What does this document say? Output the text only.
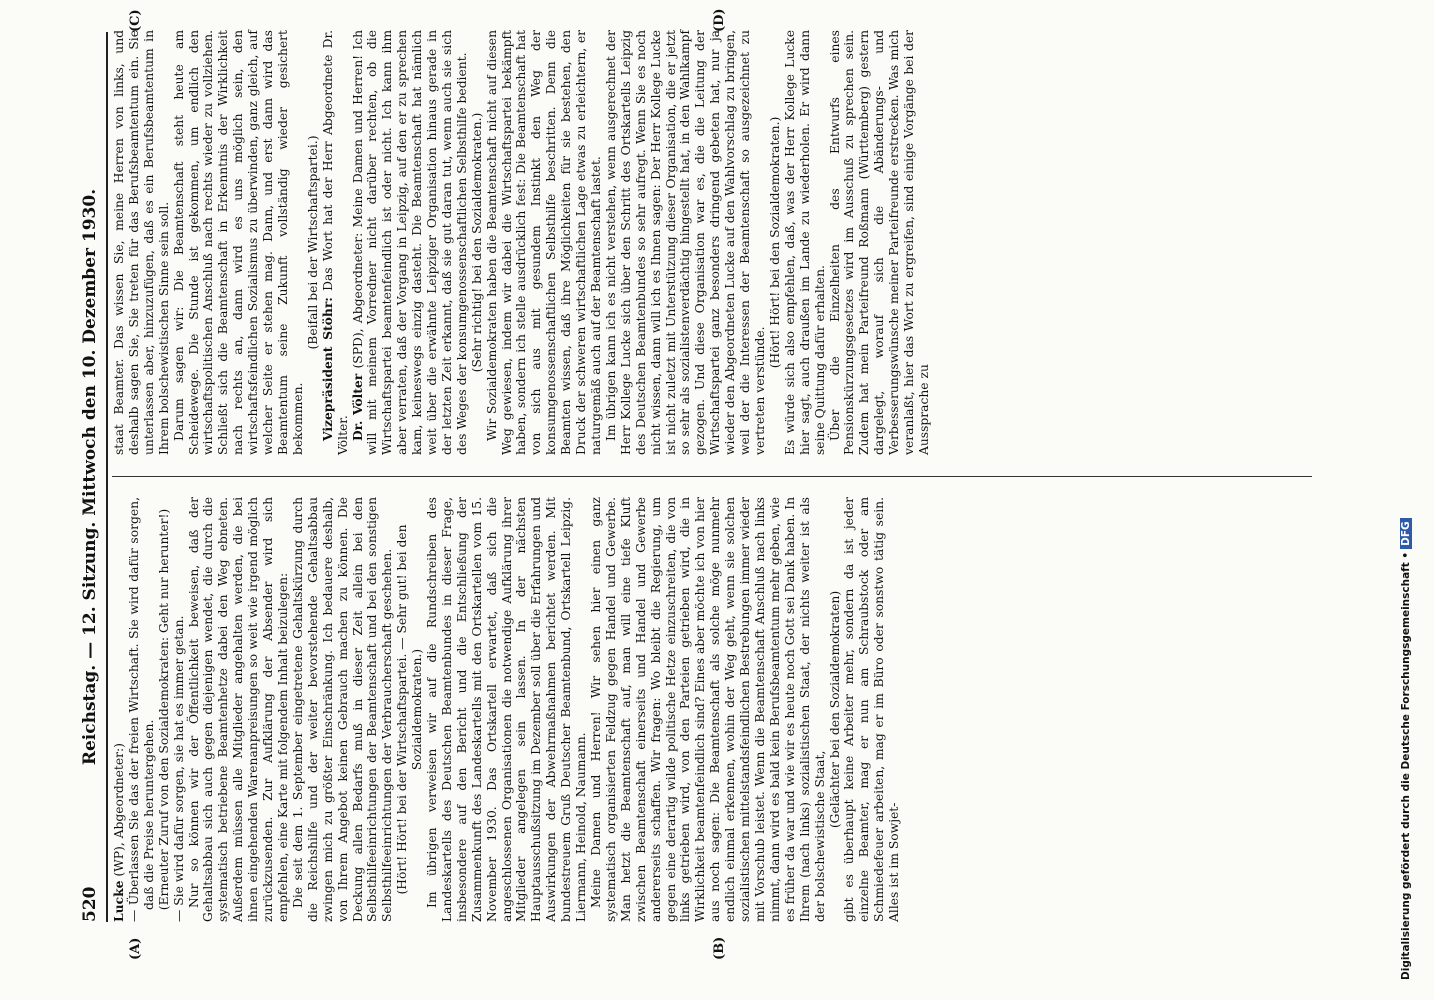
520
Reichstag. — 12. Sitzung. Mittwoch den 10. Dezember 1930.
(A)	(B)
(C)	(D)

Lucke (WP), Abgeordneter:) — Überlassen Sie das der freien Wirtschaft. Sie wird dafür sorgen, daß die Preise heruntergehen. (Erneuter Zuruf von den Sozialdemokraten: Geht nur herunter!) — Sie wird dafür sorgen, sie hat es immer getan. Nur so können wir der Öffentlichkeit beweisen, daß der Gehaltsabbau sich auch gegen diejenigen wendet, die durch die systematisch betriebene Beamtenhetze dabei den Weg ebneten. Außerdem müssen alle Mitglieder angehalten werden, die bei ihnen eingehenden Warenanpreisungen so weit wie irgend möglich zurückzusenden. Zur Aufklärung der Absender wird sich empfehlen, eine Karte mit folgendem Inhalt beizulegen: Die seit dem 1. September eingetretene Gehaltskürzung durch die Reichshilfe und der weiter bevorstehende Gehaltsabbau zwingen mich zu größter Einschränkung. Ich bedauere deshalb, von Ihrem Angebot keinen Gebrauch machen zu können. Die Deckung allen Bedarfs muß in dieser Zeit allein bei den Selbsthilfeeinrichtungen der Beamtenschaft und bei den sonstigen Selbsthilfeeinrichtungen der Verbraucherschaft geschehen. (Hört! Hört! bei der Wirtschaftspartei. — Sehr gut! bei den Sozialdemokraten.) Im übrigen verweisen wir auf die Rundschreiben des Landeskartells des Deutschen Beamtenbundes in dieser Frage, insbesondere auf den Bericht und die Entschließung der Zusammenkunft des Landeskartells mit den Ortskartellen vom 15. November 1930. Das Ortskartell erwartet, daß sich die angeschlossenen Organisationen die notwendige Aufklärung ihrer Mitglieder angelegen sein lassen. In der nächsten Hauptausschußsitzung im Dezember soll über die Erfahrungen und Auswirkungen der Abwehrmaßnahmen berichtet werden. Mit bundestreuem Gruß Deutscher Beamtenbund, Ortskartell Leipzig. Liermann, Heinold, Naumann. Meine Damen und Herren! Wir sehen hier einen ganz systematisch organisierten Feldzug gegen Handel und Gewerbe. Man hetzt die Beamtenschaft auf, man will eine tiefe Kluft zwischen Beamtenschaft einerseits und Handel und Gewerbe andererseits schaffen. Wir fragen: Wo bleibt die Regierung, um gegen eine derartig wilde politische Hetze einzuschreiten, die von links getrieben wird, von den Parteien getrieben wird, die in Wirklichkeit beamtenfeindlich sind? Eines aber möchte ich von hier aus noch sagen: Die Beamtenschaft als solche möge nunmehr endlich einmal erkennen, wohin der Weg geht, wenn sie solchen sozialistischen mittelstandsfeindlichen Bestrebungen immer wieder mit Vorschub leistet. Wenn die Beamtenschaft Anschluß nach links nimmt, dann wird es bald kein Berufsbeamtentum mehr geben, wie es früher da war und wie wir es heute noch Gott sei Dank haben. In Ihrem (nach links) sozialistischen Staat, der nichts weiter ist als der bolschewistische Staat,

(Gelächter bei den Sozialdemokraten) gibt es überhaupt keine Arbeiter mehr, sondern da ist jeder einzelne Beamter, mag er nun am Schraubstock oder am Schmiedefeuer arbeiten, mag er im Büro oder sonstwo tätig sein. Alles ist im Sowjet-

staat Beamter. Das wissen Sie, meine Herren von links, und deshalb sagen Sie, Sie treten für das Berufsbeamtentum ein. Sie unterlassen aber, hinzuzufügen, daß es ein Berufsbeamtentum in Ihrem bolschewistischen Sinne sein soll. Darum sagen wir: Die Beamtenschaft steht heute am Scheidewege. Die Stunde ist gekommen, um endlich den wirtschaftspolitischen Anschluß nach rechts wieder zu vollziehen. Schließt sich die Beamtenschaft in Erkenntnis der Wirklichkeit nach rechts an, dann wird es uns möglich sein, den wirtschaftsfeindlichen Sozialismus zu überwinden, ganz gleich, auf welcher Seite er stehen mag. Dann, und erst dann wird das Beamtentum seine Zukunft vollständig wieder gesichert bekommen.

(Beifall bei der Wirtschaftspartei.)

Vizepräsident Stöhr: Das Wort hat der Herr Abgeordnete Dr. Völter. Dr. Völter (SPD), Abgeordneter: Meine Damen und Herren! Ich will mit meinem Vorredner nicht darüber rechten, ob die Wirtschaftspartei beamtenfeindlich ist oder nicht. Ich kann ihm aber verraten, daß der Vorgang in Leipzig, auf den er zu sprechen kam, keineswegs einzig dasteht. Die Beamtenschaft hat nämlich weit über die erwähnte Leipziger Organisation hinaus gerade in der letzten Zeit erkannt, daß sie gut daran tut, wenn auch sie sich des Weges der konsumgenossenschaftlichen Selbsthilfe bedient. (Sehr richtig! bei den Sozialdemokraten.) Wir Sozialdemokraten haben die Beamtenschaft nicht auf diesen Weg gewiesen, indem wir dabei die Wirtschaftspartei bekämpft haben, sondern ich stelle ausdrücklich fest: Die Beamtenschaft hat von sich aus mit gesundem Instinkt den Weg der konsumgenossenschaftlichen Selbsthilfe beschritten. Denn die Beamten wissen, daß ihre Möglichkeiten für sie bestehen, den Druck der schweren wirtschaftlichen Lage etwas zu erleichtern, er naturgemäß auch auf der Beamtenschaft lastet. Im übrigen kann ich es nicht verstehen, wenn ausgerechnet der Herr Kollege Lucke sich über den Schritt des Ortskartells Leipzig des Deutschen Beamtenbundes so sehr aufregt. Wenn Sie es noch nicht wissen, dann will ich es Ihnen sagen: Der Herr Kollege Lucke ist nicht zuletzt mit Unterstützung dieser Organisation, die er jetzt so sehr als sozialistenverdächtig hingestellt hat, in den Wahlkampf gezogen. Und diese Organisation war es, die die Leitung der Wirtschaftspartei ganz besonders dringend gebeten hat, nur ja wieder den Abgeordneten Lucke auf den Wahlvorschlag zu bringen, weil der die Interessen der Beamtenschaft so ausgezeichnet zu vertreten verstünde.

(Hört! Hört! bei den Sozialdemokraten.) Es würde sich also empfehlen, daß, was der Herr Kollege Lucke hier sagt, auch draußen im Lande zu wiederholen. Er wird dann seine Quittung dafür erhalten. Über die Einzelheiten des Entwurfs eines Pensionskürzungsgesetzes wird im Ausschuß zu sprechen sein. Zudem hat mein Parteifreund Roßmann (Württemberg) gestern dargelegt, worauf sich die Abänderungs- und Verbesserungswünsche meiner Parteifreunde erstrecken. Was mich veranlaßt, hier das Wort zu ergreifen, sind einige Vorgänge bei der Aussprache zu

Digitalisierung gefördert durch die Deutsche Forschungsgemeinschaft •DFG
